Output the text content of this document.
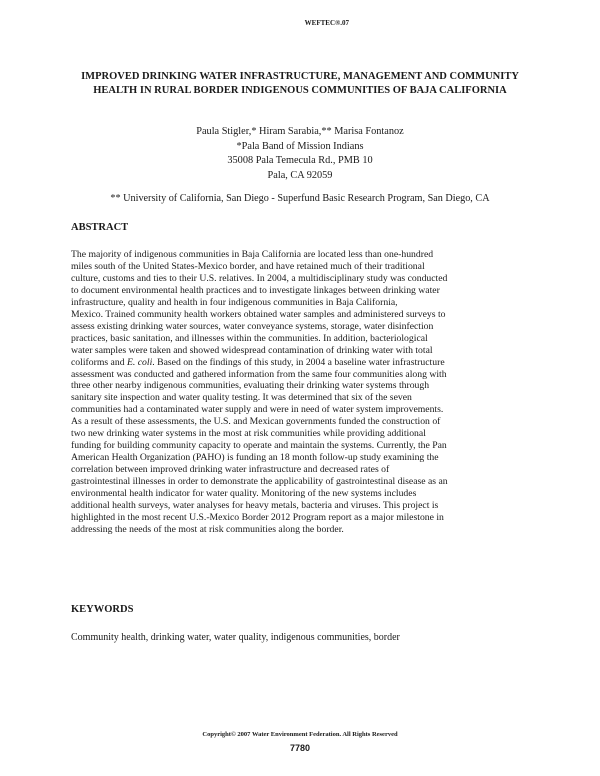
WEFTEC®.07
IMPROVED DRINKING WATER INFRASTRUCTURE, MANAGEMENT AND COMMUNITY HEALTH IN RURAL BORDER INDIGENOUS COMMUNITIES OF BAJA CALIFORNIA
Paula Stigler,* Hiram Sarabia,** Marisa Fontanoz
*Pala Band of Mission Indians
35008 Pala Temecula Rd., PMB 10
Pala, CA 92059
** University of California, San Diego - Superfund Basic Research Program, San Diego, CA
ABSTRACT
The majority of indigenous communities in Baja California are located less than one-hundred
miles south of the United States-Mexico border, and have retained much of their traditional
culture, customs and ties to their U.S. relatives. In 2004, a multidisciplinary study was conducted
to document environmental health practices and to investigate linkages between drinking water
infrastructure, quality and health in four indigenous communities in Baja California,
Mexico. Trained community health workers obtained water samples and administered surveys to
assess existing drinking water sources, water conveyance systems, storage, water disinfection
practices, basic sanitation, and illnesses within the communities. In addition, bacteriological
water samples were taken and showed widespread contamination of drinking water with total
coliforms and E. coli. Based on the findings of this study, in 2004 a baseline water infrastructure
assessment was conducted and gathered information from the same four communities along with
three other nearby indigenous communities, evaluating their drinking water systems through
sanitary site inspection and water quality testing. It was determined that six of the seven
communities had a contaminated water supply and were in need of water system improvements.
As a result of these assessments, the U.S. and Mexican governments funded the construction of
two new drinking water systems in the most at risk communities while providing additional
funding for building community capacity to operate and maintain the systems. Currently, the Pan
American Health Organization (PAHO) is funding an 18 month follow-up study examining the
correlation between improved drinking water infrastructure and decreased rates of
gastrointestinal illnesses in order to demonstrate the applicability of gastrointestinal disease as an
environmental health indicator for water quality. Monitoring of the new systems includes
additional health surveys, water analyses for heavy metals, bacteria and viruses. This project is
highlighted in the most recent U.S.-Mexico Border 2012 Program report as a major milestone in
addressing the needs of the most at risk communities along the border.
KEYWORDS
Community health, drinking water, water quality, indigenous communities, border
Copyright© 2007 Water Environment Federation. All Rights Reserved
7780
